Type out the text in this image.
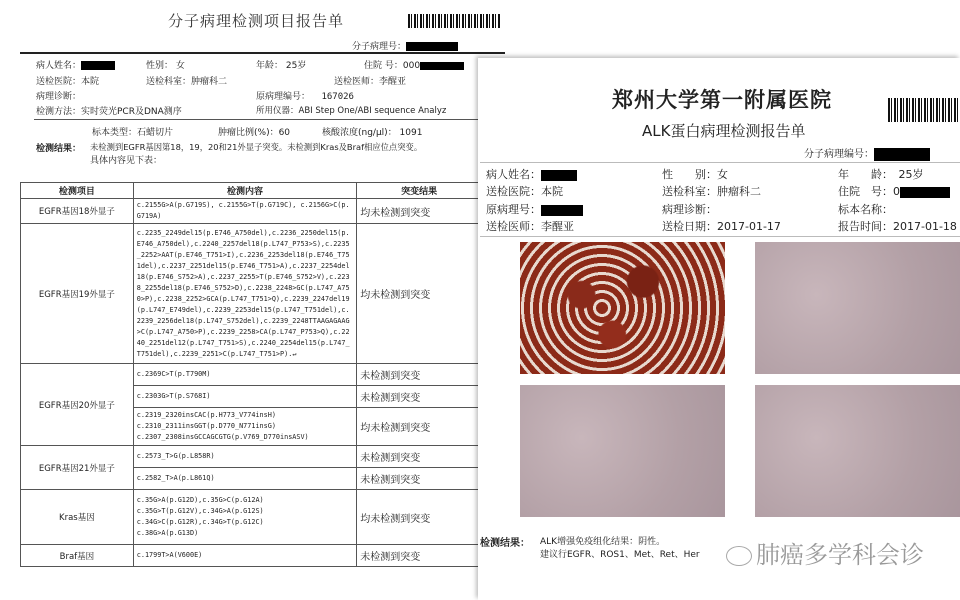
分子病理检测项目报告单
分子病理号：
病人姓名：	性别： 女	年龄： 25岁	住院 号：000
送检医院：本院	送检科室：肿瘤科二	送检医师：李醒亚
病理诊断：	原病理编号： 167026
检测方法：实时荧光PCR及DNA测序	所用仪器：ABI Step One/ABI sequence Analyz
标本类型：石蜡切片	肿瘤比例(%)：60	核酸浓度(ng/μl)： 1091
检测结果： 未检测到EGFR基因第18，19，20和21外显子突变。未检测到Kras及Braf相应位点突变。
具体内容见下表：
检测项目	检测内容	突变结果
EGFR基因18外显子	c.2155G>A(p.G719S), c.2155G>T(p.G719C), c.2156G>C(p.G719A)	均未检测到突变
EGFR基因19外显子	c.2235_2249del15(p.E746_A750del),c.2236_2250del15(p.E746_A750del),c.2240_2257del18(p.L747_P753>S),c.2235_2252>AAT(p.E746_T751>I),c.2236_2253del18(p.E746_T751del),c.2237_2251del15(p.E746_T751>A),c.2237_2254del18(p.E746_S752>A),c.2237_2255>T(p.E746_S752>V),c.2238_2255del18(p.E746_S752>D),c.2238_2248>GC(p.L747_A750>P),c.2238_2252>GCA(p.L747_T751>Q),c.2239_2247del19(p.L747_E749del),c.2239_2253del15(p.L747_T751del),c.2239_2256del18(p.L747_S752del),c.2239_2248TTAAGAGAAG>C(p.L747_A750>P),c.2239_2258>CA(p.L747_P753>Q),c.2240_2251del12(p.L747_T751>S),c.2240_2254del15(p.L747_T751del),c.2239_2251>C(p.L747_T751>P).↵	均未检测到突变
EGFR基因20外显子	c.2369C>T(p.T790M)	未检测到突变
	c.2303G>T(p.S768I)	未检测到突变
	c.2319_2320insCAC(p.H773_V774insH)
c.2310_2311insGGT(p.D770_N771insG)
c.2307_2308insGCCAGCGTG(p.V769_D770insASV)	均未检测到突变
EGFR基因21外显子	c.2573_T>G(p.L858R)	未检测到突变
	c.2582_T>A(p.L861Q)	未检测到突变
Kras基因	c.35G>A(p.G12D),c.35G>C(p.G12A)
c.35G>T(p.G12V),c.34G>A(p.G12S)
c.34G>C(p.G12R),c.34G>T(p.G12C)
c.38G>A(p.G13D)	均未检测到突变
Braf基因	c.1799T>A(V600E)	未检测到突变
郑州大学第一附属医院
ALK蛋白病理检测报告单
分子病理编号：
病人姓名：
送检医院：本院
原病理号：
送检医师：李醒亚
性　　别：女
送检科室：肿瘤科二
病理诊断：
送检日期：2017-01-17
年　　龄：　25岁
住院　号：0
标本名称：
报告时间：2017-01-18
检测结果： ALK增强免疫组化结果：阴性。
建议行EGFR、ROS1、Met、Ret、Her	肺癌多学科会诊
